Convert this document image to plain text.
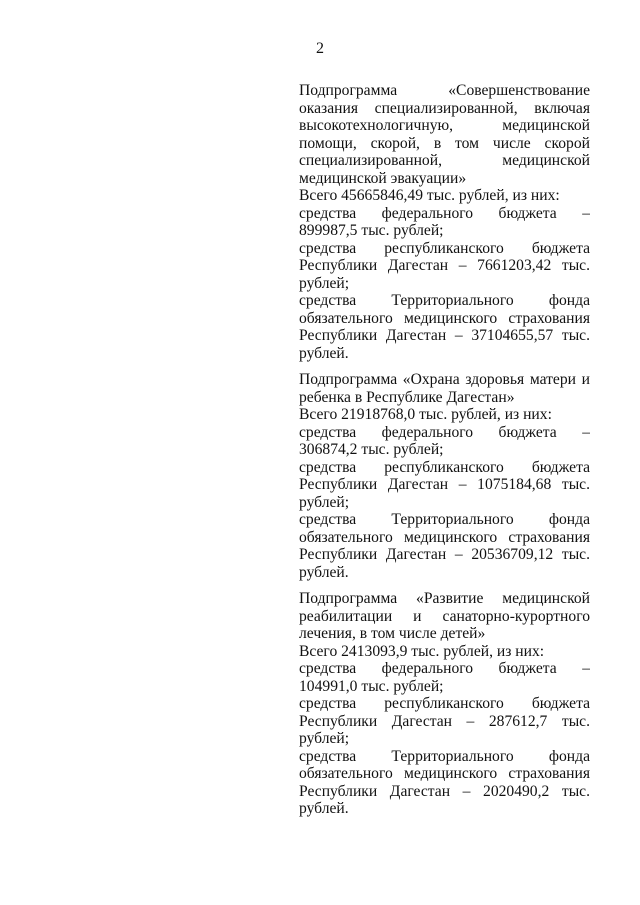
2
Подпрограмма «Совершенствование
оказания специализированной, включая
высокотехнологичную, медицинской
помощи, скорой, в том числе скорой
специализированной, медицинской
медицинской эвакуации»
Всего 45665846,49 тыс. рублей, из них:
средства федерального бюджета –
899987,5 тыс. рублей;
средства республиканского бюджета
Республики Дагестан – 7661203,42 тыс.
рублей;
средства Территориального фонда
обязательного медицинского страхования
Республики Дагестан – 37104655,57 тыс.
рублей.
Подпрограмма «Охрана здоровья матери и
ребенка в Республике Дагестан»
Всего 21918768,0 тыс. рублей, из них:
средства федерального бюджета –
306874,2 тыс. рублей;
средства республиканского бюджета
Республики Дагестан – 1075184,68 тыс.
рублей;
средства Территориального фонда
обязательного медицинского страхования
Республики Дагестан – 20536709,12 тыс.
рублей.
Подпрограмма «Развитие медицинской
реабилитации и санаторно-курортного
лечения, в том числе детей»
Всего 2413093,9 тыс. рублей, из них:
средства федерального бюджета –
104991,0 тыс. рублей;
средства республиканского бюджета
Республики Дагестан – 287612,7 тыс.
рублей;
средства Территориального фонда
обязательного медицинского страхования
Республики Дагестан – 2020490,2 тыс.
рублей.
